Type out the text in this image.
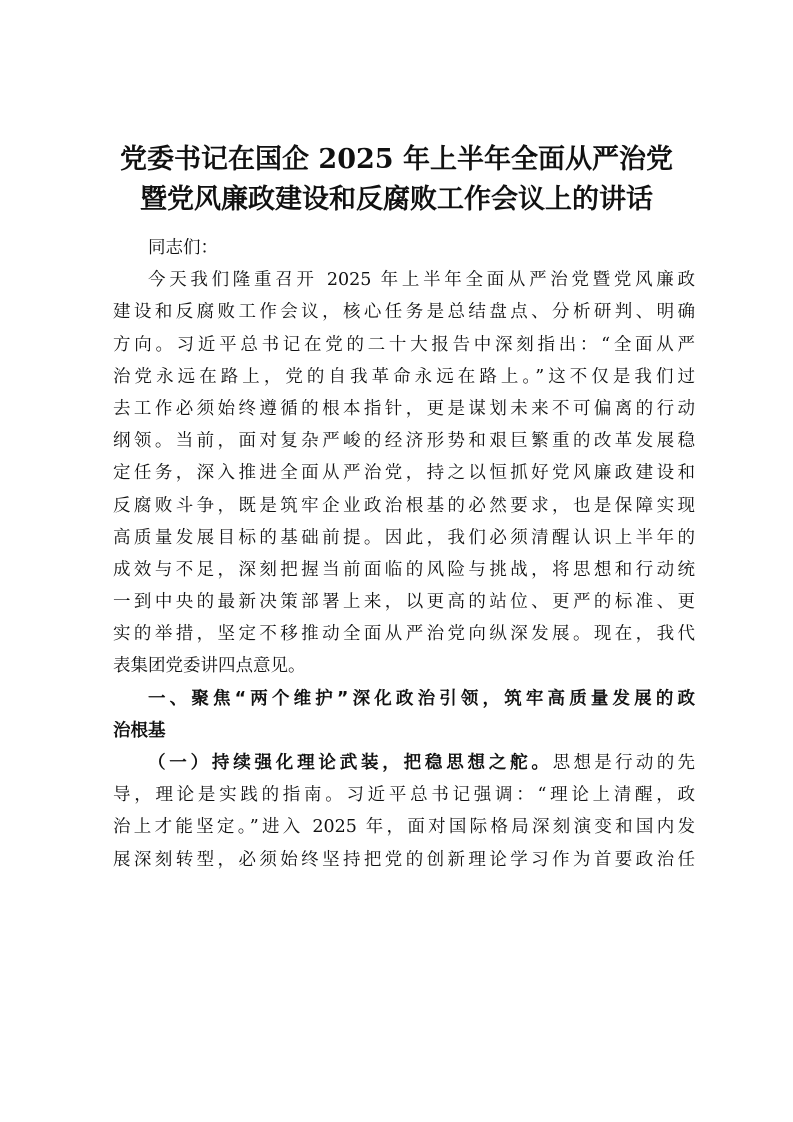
党委书记在国企 2025 年上半年全面从严治党
暨党风廉政建设和反腐败工作会议上的讲话
同志们：
今天我们隆重召开 2025 年上半年全面从严治党暨党风廉政
建设和反腐败工作会议，核心任务是总结盘点、分析研判、明确
方向。习近平总书记在党的二十大报告中深刻指出：“全面从严
治党永远在路上，党的自我革命永远在路上。”这不仅是我们过
去工作必须始终遵循的根本指针，更是谋划未来不可偏离的行动
纲领。当前，面对复杂严峻的经济形势和艰巨繁重的改革发展稳
定任务，深入推进全面从严治党，持之以恒抓好党风廉政建设和
反腐败斗争，既是筑牢企业政治根基的必然要求，也是保障实现
高质量发展目标的基础前提。因此，我们必须清醒认识上半年的
成效与不足，深刻把握当前面临的风险与挑战，将思想和行动统
一到中央的最新决策部署上来，以更高的站位、更严的标准、更
实的举措，坚定不移推动全面从严治党向纵深发展。现在，我代
表集团党委讲四点意见。
一、聚焦“两个维护”深化政治引领，筑牢高质量发展的政
治根基
（一）持续强化理论武装，把稳思想之舵。思想是行动的先
导，理论是实践的指南。习近平总书记强调：“理论上清醒，政
治上才能坚定。”进入 2025 年，面对国际格局深刻演变和国内发
展深刻转型，必须始终坚持把党的创新理论学习作为首要政治任
